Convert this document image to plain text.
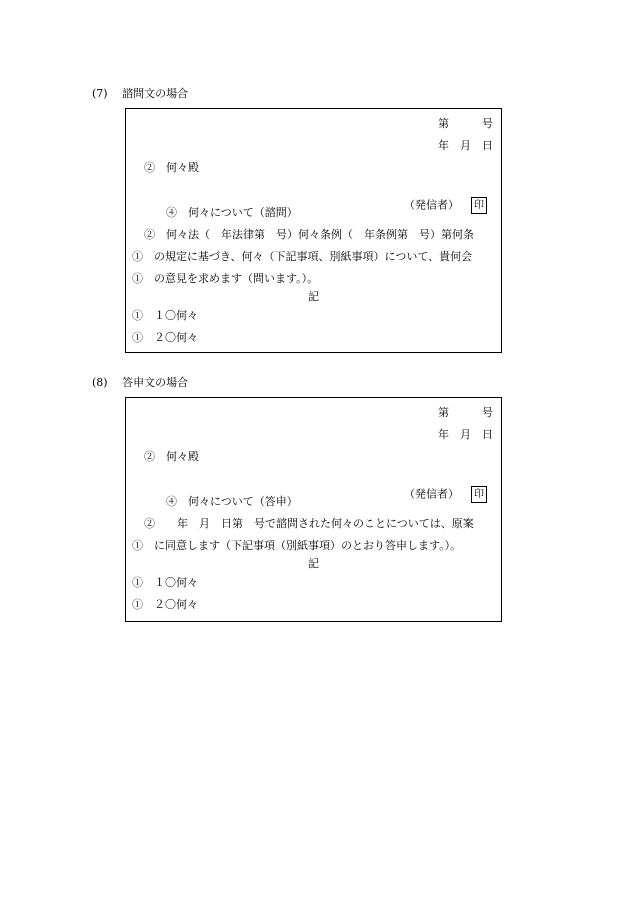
(7)　 諮問文の場合
第　　　号
年　月　日
②　何々殿

（発信者） 印

④　何々について（諮問）
②　何々法（　年法律第　号）何々条例（　年条例第　号）第何条
①　の規定に基づき、何々（下記事項、別紙事項）について、貴何会
①　の意見を求めます（問います。）。
記
①　１〇何々
①　２〇何々
(8)　 答申文の場合
第　　　号
年　月　日
②　何々殿

（発信者） 印

④　何々について（答申）
②　　年　月　日第　号で諮問された何々のことについては、原案
①　に同意します（下記事項（別紙事項）のとおり答申します。）。
記
①　１〇何々
①　２〇何々
